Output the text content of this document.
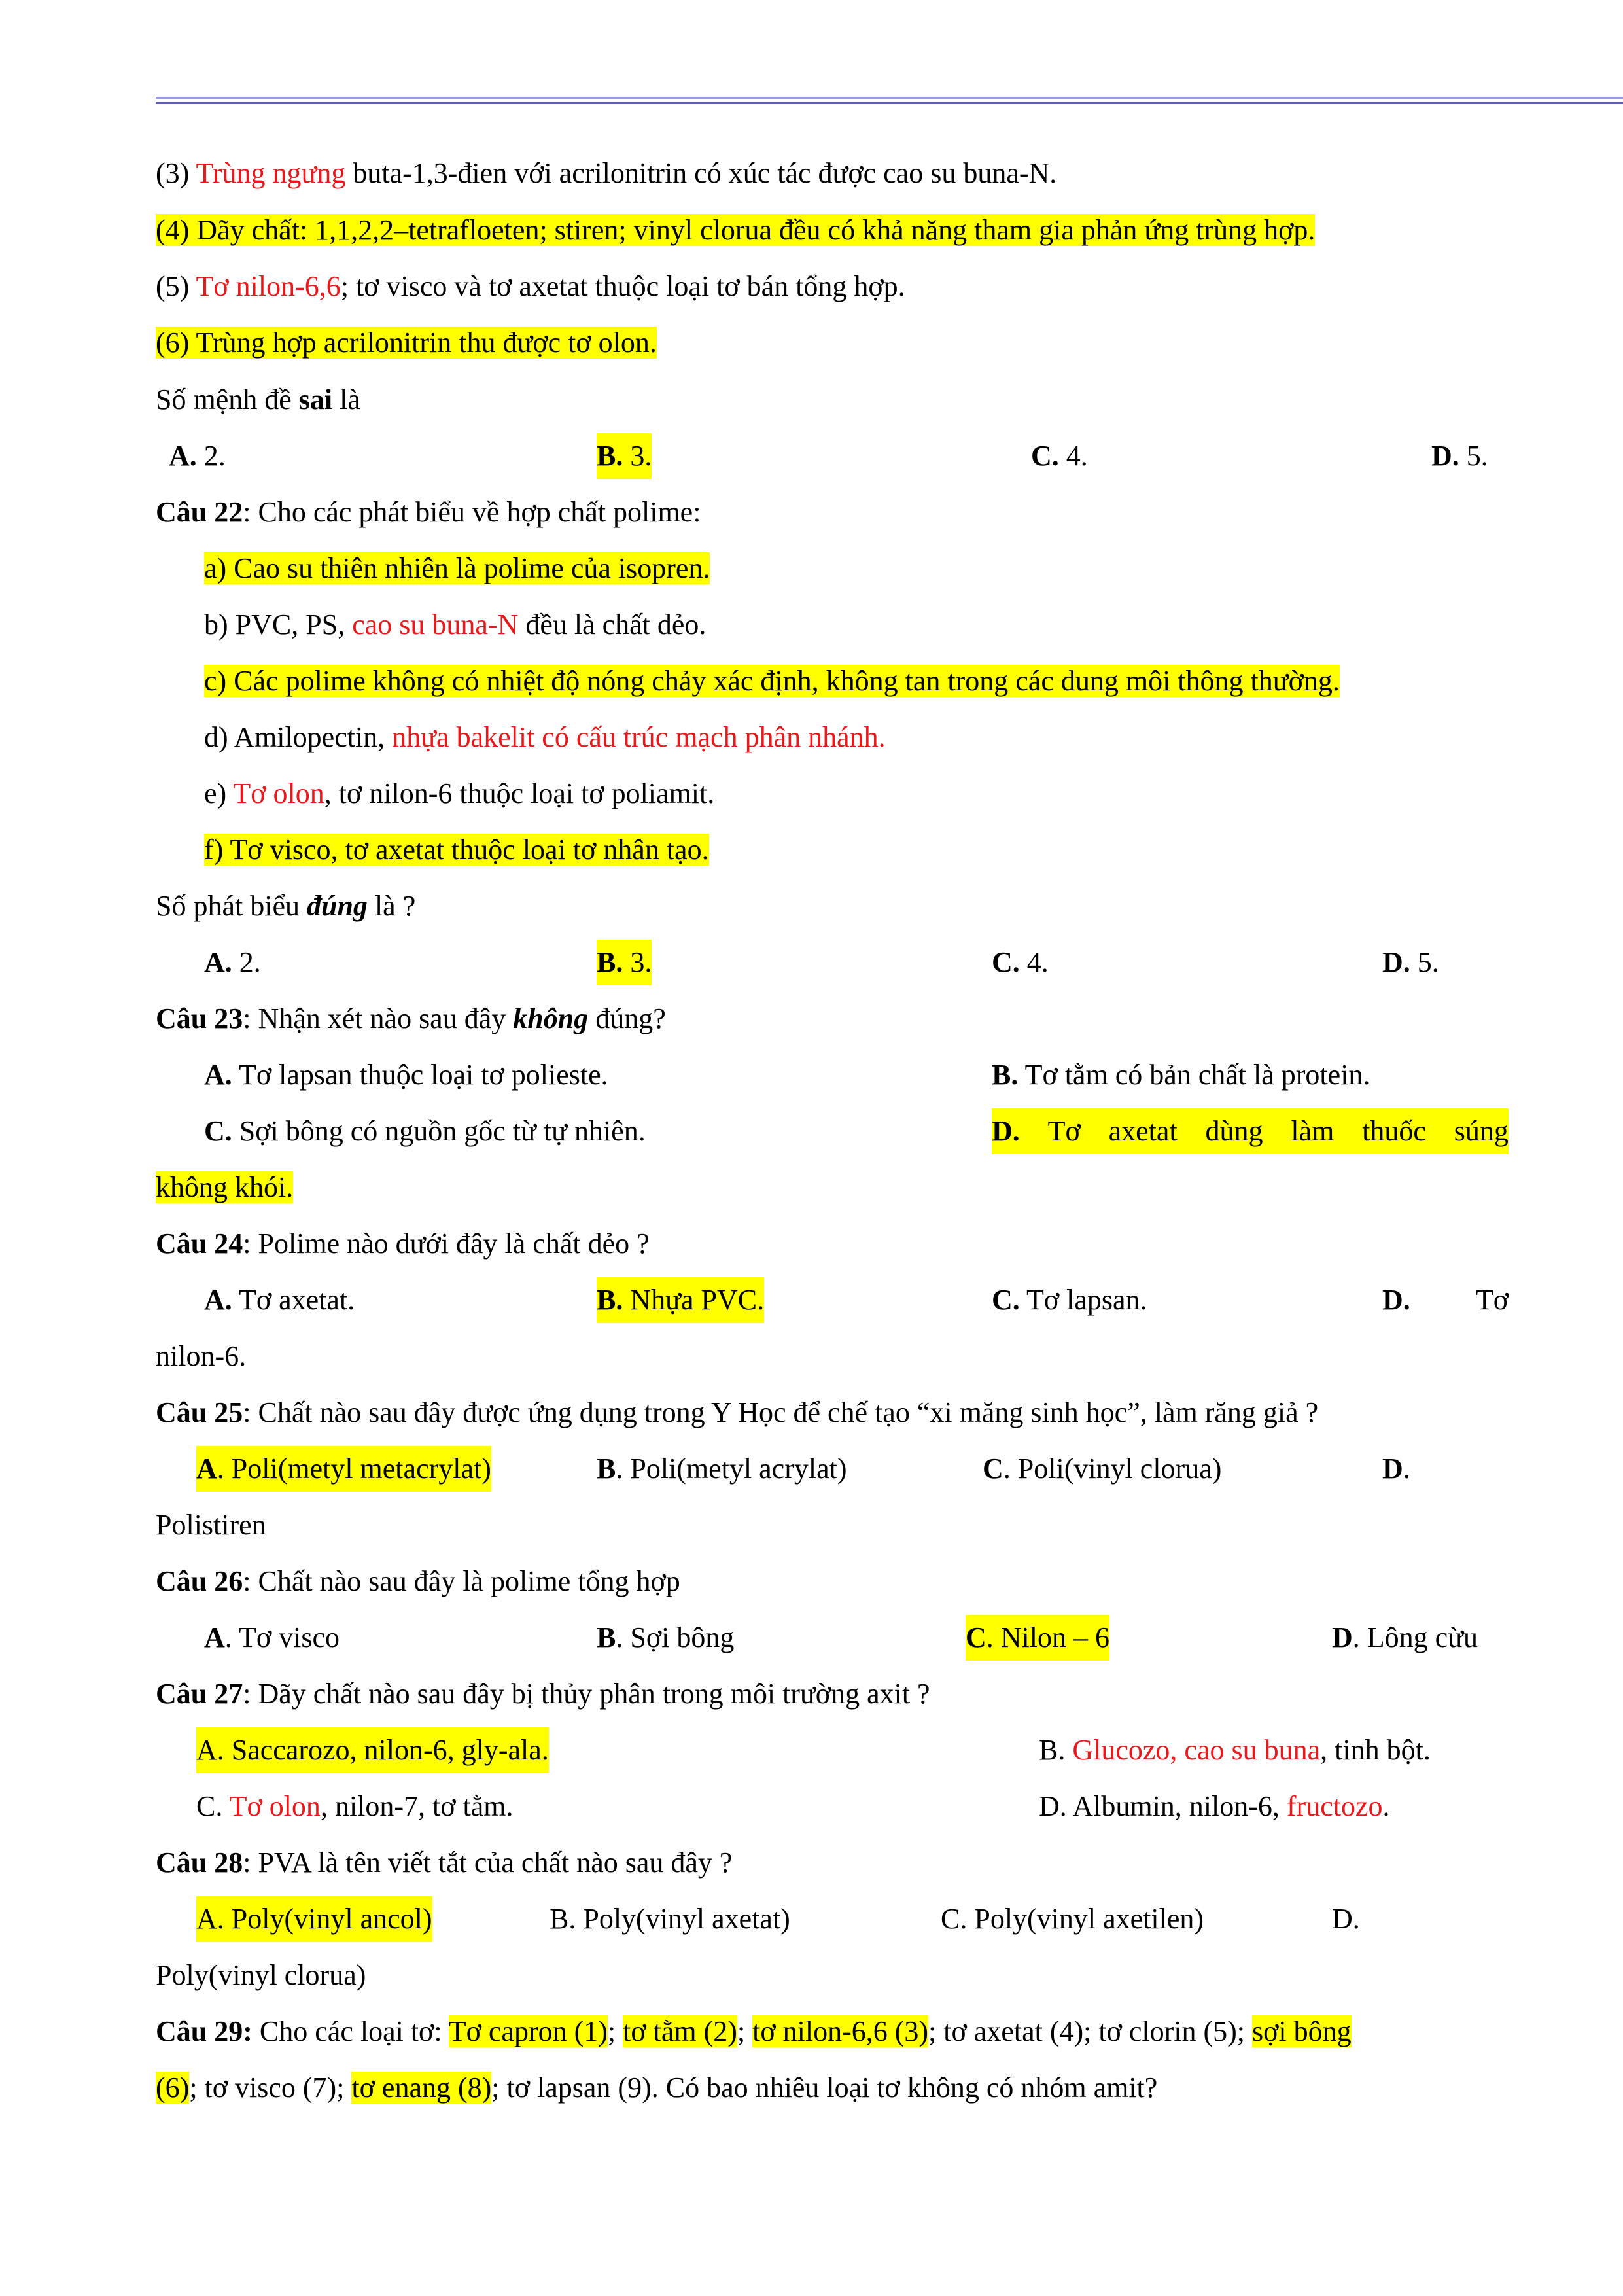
(3) Trùng ngưng buta-1,3-đien với acrilonitrin có xúc tác được cao su buna-N.
(4) Dãy chất: 1,1,2,2–tetrafloeten; stiren; vinyl clorua đều có khả năng tham gia phản ứng trùng hợp.
(5) Tơ nilon-6,6; tơ visco và tơ axetat thuộc loại tơ bán tổng hợp.
(6) Trùng hợp acrilonitrin thu được tơ olon.
Số mệnh đề sai là
A. 2.	B. 3.	C. 4.	D. 5.
Câu 22: Cho các phát biểu về hợp chất polime:
a) Cao su thiên nhiên là polime của isopren.
b) PVC, PS, cao su buna-N đều là chất dẻo.
c) Các polime không có nhiệt độ nóng chảy xác định, không tan trong các dung môi thông thường.
d) Amilopectin, nhựa bakelit có cấu trúc mạch phân nhánh.
e) Tơ olon, tơ nilon-6 thuộc loại tơ poliamit.
f) Tơ visco, tơ axetat thuộc loại tơ nhân tạo.
Số phát biểu đúng là ?
A. 2.	B. 3.	C. 4.	D. 5.
Câu 23: Nhận xét nào sau đây không đúng?
A. Tơ lapsan thuộc loại tơ polieste.	B. Tơ tằm có bản chất là protein.
C. Sợi bông có nguồn gốc từ tự nhiên.	D. Tơ axetat dùng làm thuốc súng
không khói.
Câu 24: Polime nào dưới đây là chất dẻo ?
A. Tơ axetat.	B. Nhựa PVC.	C. Tơ lapsan.	D. Tơ
nilon-6.
Câu 25: Chất nào sau đây được ứng dụng trong Y Học để chế tạo “xi măng sinh học”, làm răng giả ?
A. Poli(metyl metacrylat)	B. Poli(metyl acrylat)	C. Poli(vinyl clorua)	D.
Polistiren
Câu 26: Chất nào sau đây là polime tổng hợp
A. Tơ visco	B. Sợi bông	C. Nilon – 6	D. Lông cừu
Câu 27: Dãy chất nào sau đây bị thủy phân trong môi trường axit ?
A. Saccarozo, nilon-6, gly-ala.	B. Glucozo, cao su buna, tinh bột.
C. Tơ olon, nilon-7, tơ tằm.	D. Albumin, nilon-6, fructozo.
Câu 28: PVA là tên viết tắt của chất nào sau đây ?
A. Poly(vinyl ancol)	B. Poly(vinyl axetat)	C. Poly(vinyl axetilen)	D.
Poly(vinyl clorua)
Câu 29: Cho các loại tơ: Tơ capron (1); tơ tằm (2); tơ nilon-6,6 (3); tơ axetat (4); tơ clorin (5); sợi bông
(6); tơ visco (7); tơ enang (8); tơ lapsan (9). Có bao nhiêu loại tơ không có nhóm amit?
